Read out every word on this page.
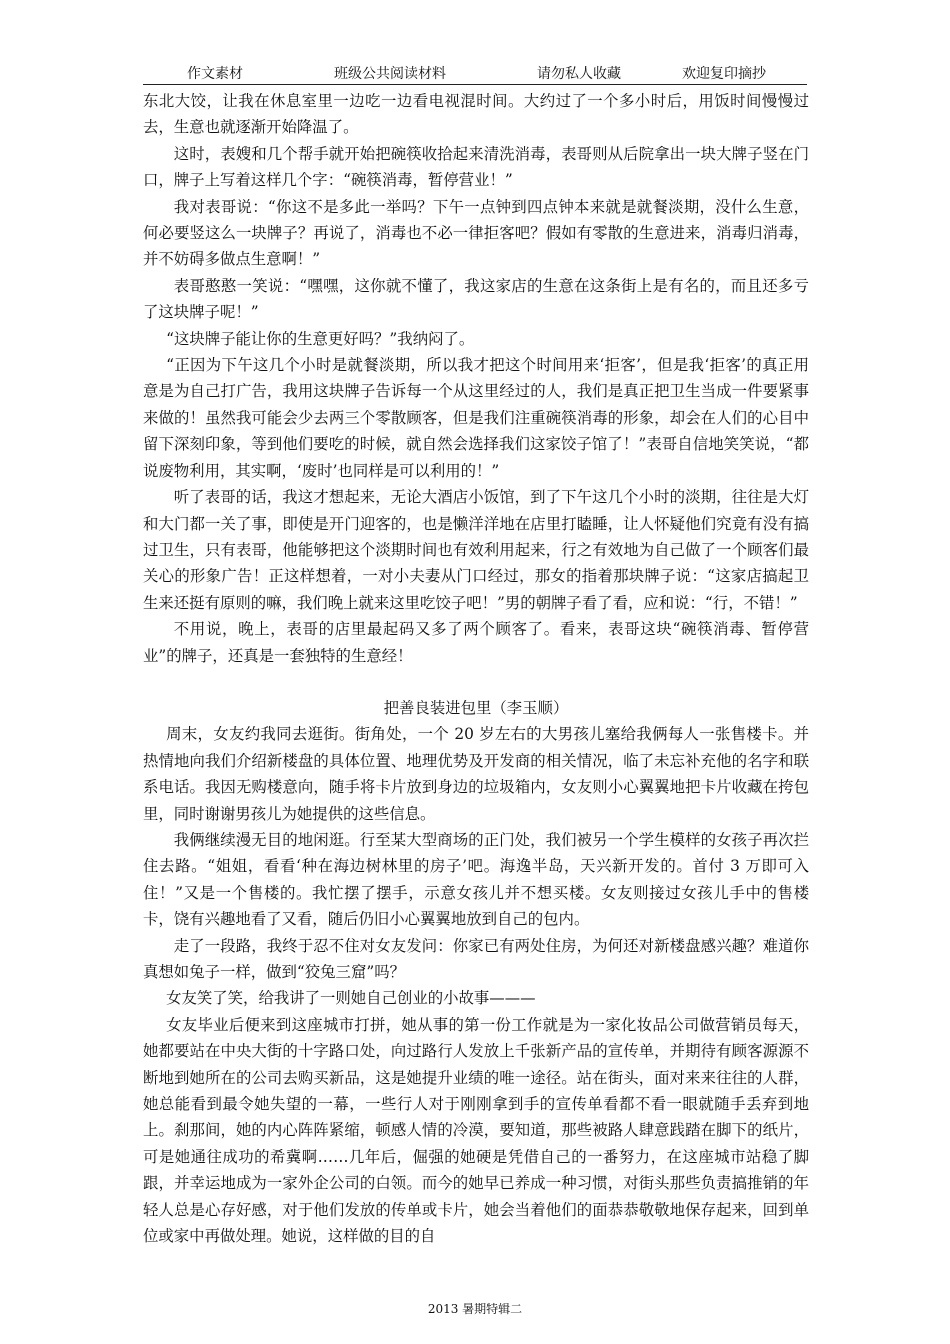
作文素材	班级公共阅读材料	请勿私人收藏	欢迎复印摘抄

东北大饺，让我在休息室里一边吃一边看电视混时间。大约过了一个多小时后，用饭时间慢慢过去，生意也就逐渐开始降温了。

这时，表嫂和几个帮手就开始把碗筷收拾起来清洗消毒，表哥则从后院拿出一块大牌子竖在门口，牌子上写着这样几个字：“碗筷消毒，暂停营业！”

我对表哥说：“你这不是多此一举吗？下午一点钟到四点钟本来就是就餐淡期，没什么生意，何必要竖这么一块牌子？再说了，消毒也不必一律拒客吧？假如有零散的生意进来，消毒归消毒，并不妨碍多做点生意啊！”

表哥憨憨一笑说：“嘿嘿，这你就不懂了，我这家店的生意在这条街上是有名的，而且还多亏了这块牌子呢！”

“这块牌子能让你的生意更好吗？”我纳闷了。

“正因为下午这几个小时是就餐淡期，所以我才把这个时间用来‘拒客’，但是我‘拒客’的真正用意是为自己打广告，我用这块牌子告诉每一个从这里经过的人，我们是真正把卫生当成一件要紧事来做的！虽然我可能会少去两三个零散顾客，但是我们注重碗筷消毒的形象，却会在人们的心目中留下深刻印象，等到他们要吃的时候，就自然会选择我们这家饺子馆了！”表哥自信地笑笑说，“都说废物利用，其实啊，‘废时’也同样是可以利用的！”

听了表哥的话，我这才想起来，无论大酒店小饭馆，到了下午这几个小时的淡期，往往是大灯和大门都一关了事，即使是开门迎客的，也是懒洋洋地在店里打瞌睡，让人怀疑他们究竟有没有搞过卫生，只有表哥，他能够把这个淡期时间也有效利用起来，行之有效地为自己做了一个顾客们最关心的形象广告！正这样想着，一对小夫妻从门口经过，那女的指着那块牌子说：“这家店搞起卫生来还挺有原则的嘛，我们晚上就来这里吃饺子吧！”男的朝牌子看了看，应和说：“行，不错！”

不用说，晚上，表哥的店里最起码又多了两个顾客了。看来，表哥这块“碗筷消毒、暂停营业”的牌子，还真是一套独特的生意经！

把善良装进包里（李玉顺）

周末，女友约我同去逛街。街角处，一个 20 岁左右的大男孩儿塞给我俩每人一张售楼卡。并热情地向我们介绍新楼盘的具体位置、地理优势及开发商的相关情况，临了未忘补充他的名字和联系电话。我因无购楼意向，随手将卡片放到身边的垃圾箱内，女友则小心翼翼地把卡片收藏在挎包里，同时谢谢男孩儿为她提供的这些信息。

我俩继续漫无目的地闲逛。行至某大型商场的正门处，我们被另一个学生模样的女孩子再次拦住去路。“姐姐，看看‘种在海边树林里的房子’吧。海逸半岛，天兴新开发的。首付 3 万即可入住！”又是一个售楼的。我忙摆了摆手，示意女孩儿并不想买楼。女友则接过女孩儿手中的售楼卡，饶有兴趣地看了又看，随后仍旧小心翼翼地放到自己的包内。

走了一段路，我终于忍不住对女友发问：你家已有两处住房，为何还对新楼盘感兴趣？难道你真想如兔子一样，做到“狡兔三窟”吗？

女友笑了笑，给我讲了一则她自己创业的小故事———

女友毕业后便来到这座城市打拼，她从事的第一份工作就是为一家化妆品公司做营销员每天，她都要站在中央大街的十字路口处，向过路行人发放上千张新产品的宣传单，并期待有顾客源源不断地到她所在的公司去购买新品，这是她提升业绩的唯一途径。站在街头，面对来来往往的人群，她总能看到最令她失望的一幕，一些行人对于刚刚拿到手的宣传单看都不看一眼就随手丢弃到地上。刹那间，她的内心阵阵紧缩，顿感人情的冷漠，要知道，那些被路人肆意践踏在脚下的纸片，可是她通往成功的希冀啊……几年后，倔强的她硬是凭借自己的一番努力，在这座城市站稳了脚跟，并幸运地成为一家外企公司的白领。而今的她早已养成一种习惯，对街头那些负责搞推销的年轻人总是心存好感，对于他们发放的传单或卡片，她会当着他们的面恭恭敬敬地保存起来，回到单位或家中再做处理。她说，这样做的目的自

2013 暑期特辑二
